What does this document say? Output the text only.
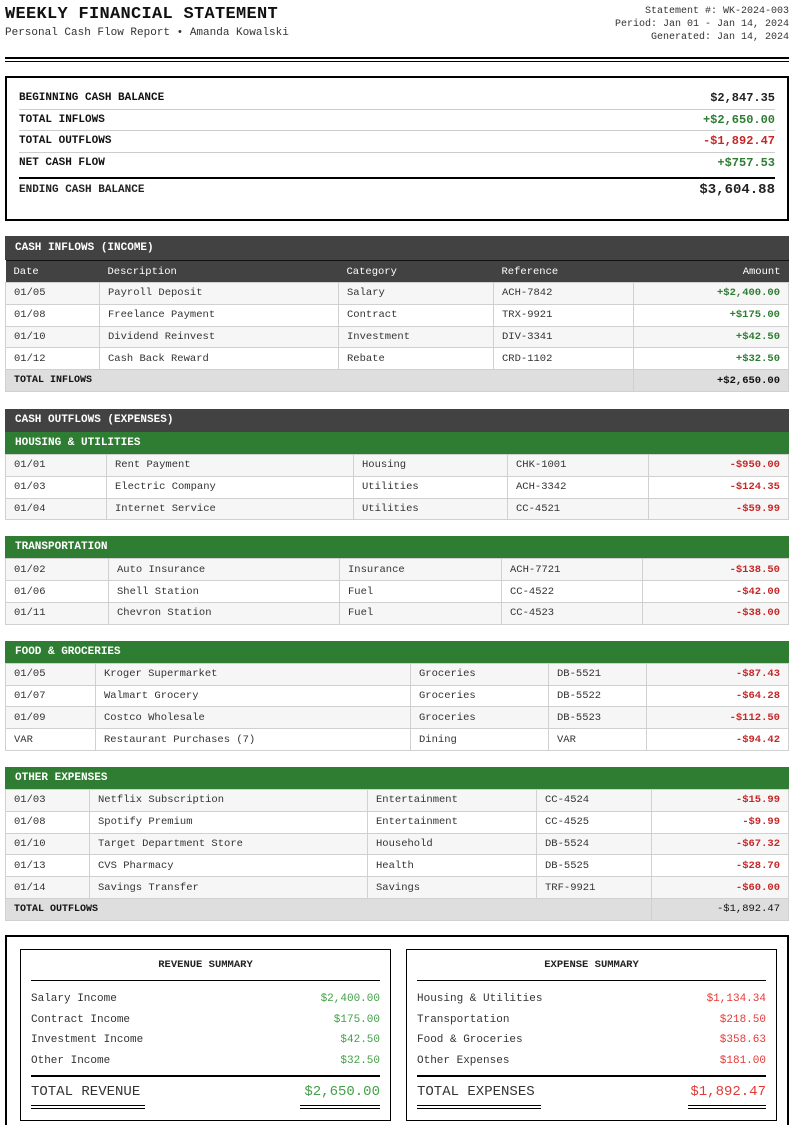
WEEKLY FINANCIAL STATEMENT
Personal Cash Flow Report • Amanda Kowalski
Statement #: WK-2024-003
Period: Jan 01 - Jan 14, 2024
Generated: Jan 14, 2024
BEGINNING CASH BALANCE	$2,847.35
TOTAL INFLOWS	+$2,650.00
TOTAL OUTFLOWS	-$1,892.47
NET CASH FLOW	+$757.53
ENDING CASH BALANCE	$3,604.88
CASH INFLOWS (INCOME)
Date	Description	Category	Reference	Amount
01/05	Payroll Deposit	Salary	ACH-7842	+$2,400.00
01/08	Freelance Payment	Contract	TRX-9921	+$175.00
01/10	Dividend Reinvest	Investment	DIV-3341	+$42.50
01/12	Cash Back Reward	Rebate	CRD-1102	+$32.50
TOTAL INFLOWS				+$2,650.00
CASH OUTFLOWS (EXPENSES)
HOUSING & UTILITIES
01/01	Rent Payment	Housing	CHK-1001	-$950.00
01/03	Electric Company	Utilities	ACH-3342	-$124.35
01/04	Internet Service	Utilities	CC-4521	-$59.99
TRANSPORTATION
01/02	Auto Insurance	Insurance	ACH-7721	-$138.50
01/06	Shell Station	Fuel	CC-4522	-$42.00
01/11	Chevron Station	Fuel	CC-4523	-$38.00
FOOD & GROCERIES
01/05	Kroger Supermarket	Groceries	DB-5521	-$87.43
01/07	Walmart Grocery	Groceries	DB-5522	-$64.28
01/09	Costco Wholesale	Groceries	DB-5523	-$112.50
VAR	Restaurant Purchases (7)	Dining	VAR	-$94.42
OTHER EXPENSES
01/03	Netflix Subscription	Entertainment	CC-4524	-$15.99
01/08	Spotify Premium	Entertainment	CC-4525	-$9.99
01/10	Target Department Store	Household	DB-5524	-$67.32
01/13	CVS Pharmacy	Health	DB-5525	-$28.70
01/14	Savings Transfer	Savings	TRF-9921	-$60.00
TOTAL OUTFLOWS				-$1,892.47
REVENUE SUMMARY
Salary Income	$2,400.00
Contract Income	$175.00
Investment Income	$42.50
Other Income	$32.50
TOTAL REVENUE	$2,650.00
EXPENSE SUMMARY
Housing & Utilities	$1,134.34
Transportation	$218.50
Food & Groceries	$358.63
Other Expenses	$181.00
TOTAL EXPENSES	$1,892.47
